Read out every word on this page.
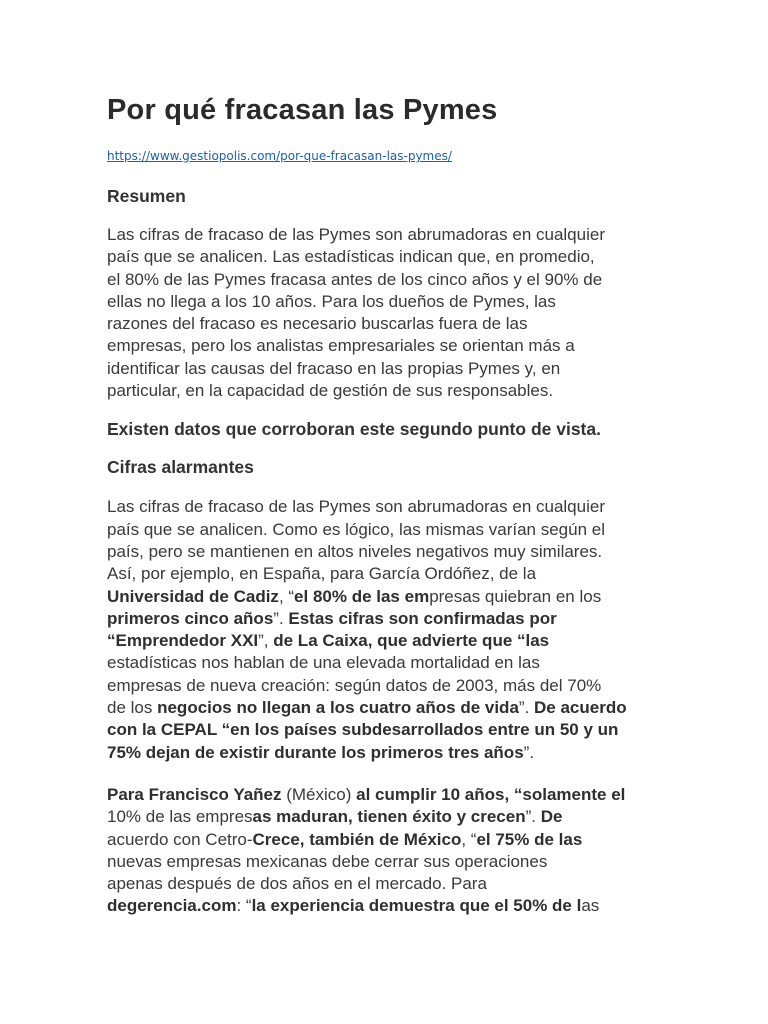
Por qué fracasan las Pymes
https://www.gestiopolis.com/por-que-fracasan-las-pymes/
Resumen
Las cifras de fracaso de las Pymes son abrumadoras en cualquier
país que se analicen. Las estadísticas indican que, en promedio,
el 80% de las Pymes fracasa antes de los cinco años y el 90% de
ellas no llega a los 10 años. Para los dueños de Pymes, las
razones del fracaso es necesario buscarlas fuera de las
empresas, pero los analistas empresariales se orientan más a
identificar las causas del fracaso en las propias Pymes y, en
particular, en la capacidad de gestión de sus responsables.
Existen datos que corroboran este segundo punto de vista.
Cifras alarmantes
Las cifras de fracaso de las Pymes son abrumadoras en cualquier
país que se analicen. Como es lógico, las mismas varían según el
país, pero se mantienen en altos niveles negativos muy similares.
Así, por ejemplo, en España, para García Ordóñez, de la
Universidad de Cadiz, “el 80% de las empresas quiebran en los
primeros cinco años”. Estas cifras son confirmadas por
“Emprendedor XXI”, de La Caixa, que advierte que “las
estadísticas nos hablan de una elevada mortalidad en las
empresas de nueva creación: según datos de 2003, más del 70%
de los negocios no llegan a los cuatro años de vida”. De acuerdo
con la CEPAL “en los países subdesarrollados entre un 50 y un
75% dejan de existir durante los primeros tres años”.
Para Francisco Yañez (México) al cumplir 10 años, “solamente el
10% de las empresas maduran, tienen éxito y crecen”. De
acuerdo con Cetro-Crece, también de México, “el 75% de las
nuevas empresas mexicanas debe cerrar sus operaciones
apenas después de dos años en el mercado. Para
degerencia.com: “la experiencia demuestra que el 50% de las
